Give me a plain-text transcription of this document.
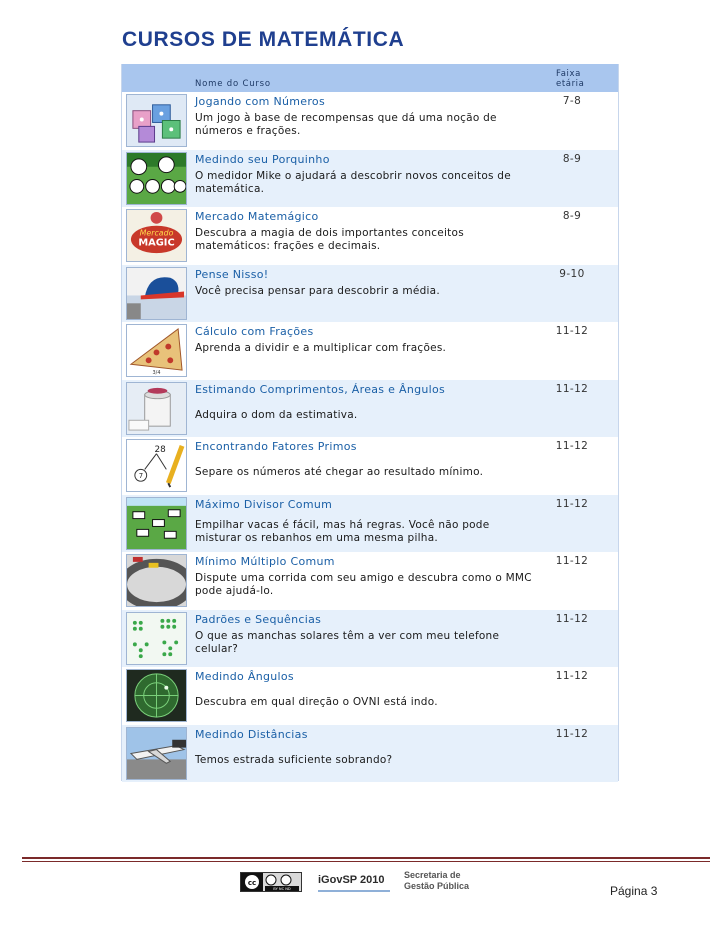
CURSOS DE MATEMÁTICA
Nome do Curso
Faixa
etária
Jogando com Números	7-8
Um jogo à base de recompensas que dá uma noção de números e frações.
Medindo seu Porquinho	8-9
O medidor Mike o ajudará a descobrir novos conceitos de matemática.
Mercado
MAGIC
Mercado Matemágico	8-9
Descubra a magia de dois importantes conceitos matemáticos: frações e decimais.
Pense Nisso!	9-10
Você precisa pensar para descobrir a média.
3/4
Cálculo com Frações	11-12
Aprenda a dividir e a multiplicar com frações.
Estimando Comprimentos, Áreas e Ângulos	11-12
Adquira o dom da estimativa.
28
7
Encontrando Fatores Primos	11-12
Separe os números até chegar ao resultado mínimo.
Máximo Divisor Comum	11-12
Empilhar vacas é fácil, mas há regras. Você não pode misturar os rebanhos em uma mesma pilha.
Mínimo Múltiplo Comum	11-12
Dispute uma corrida com seu amigo e descubra como o MMC pode ajudá-lo.
Padrões e Sequências	11-12
O que as manchas solares têm a ver com meu telefone celular?
Medindo Ângulos	11-12
Descubra em qual direção o OVNI está indo.
Medindo Distâncias	11-12
Temos estrada suficiente sobrando?
cc
BY NC ND
iGovSP 2010 Secretaria de
Gestão Pública	Página 3
